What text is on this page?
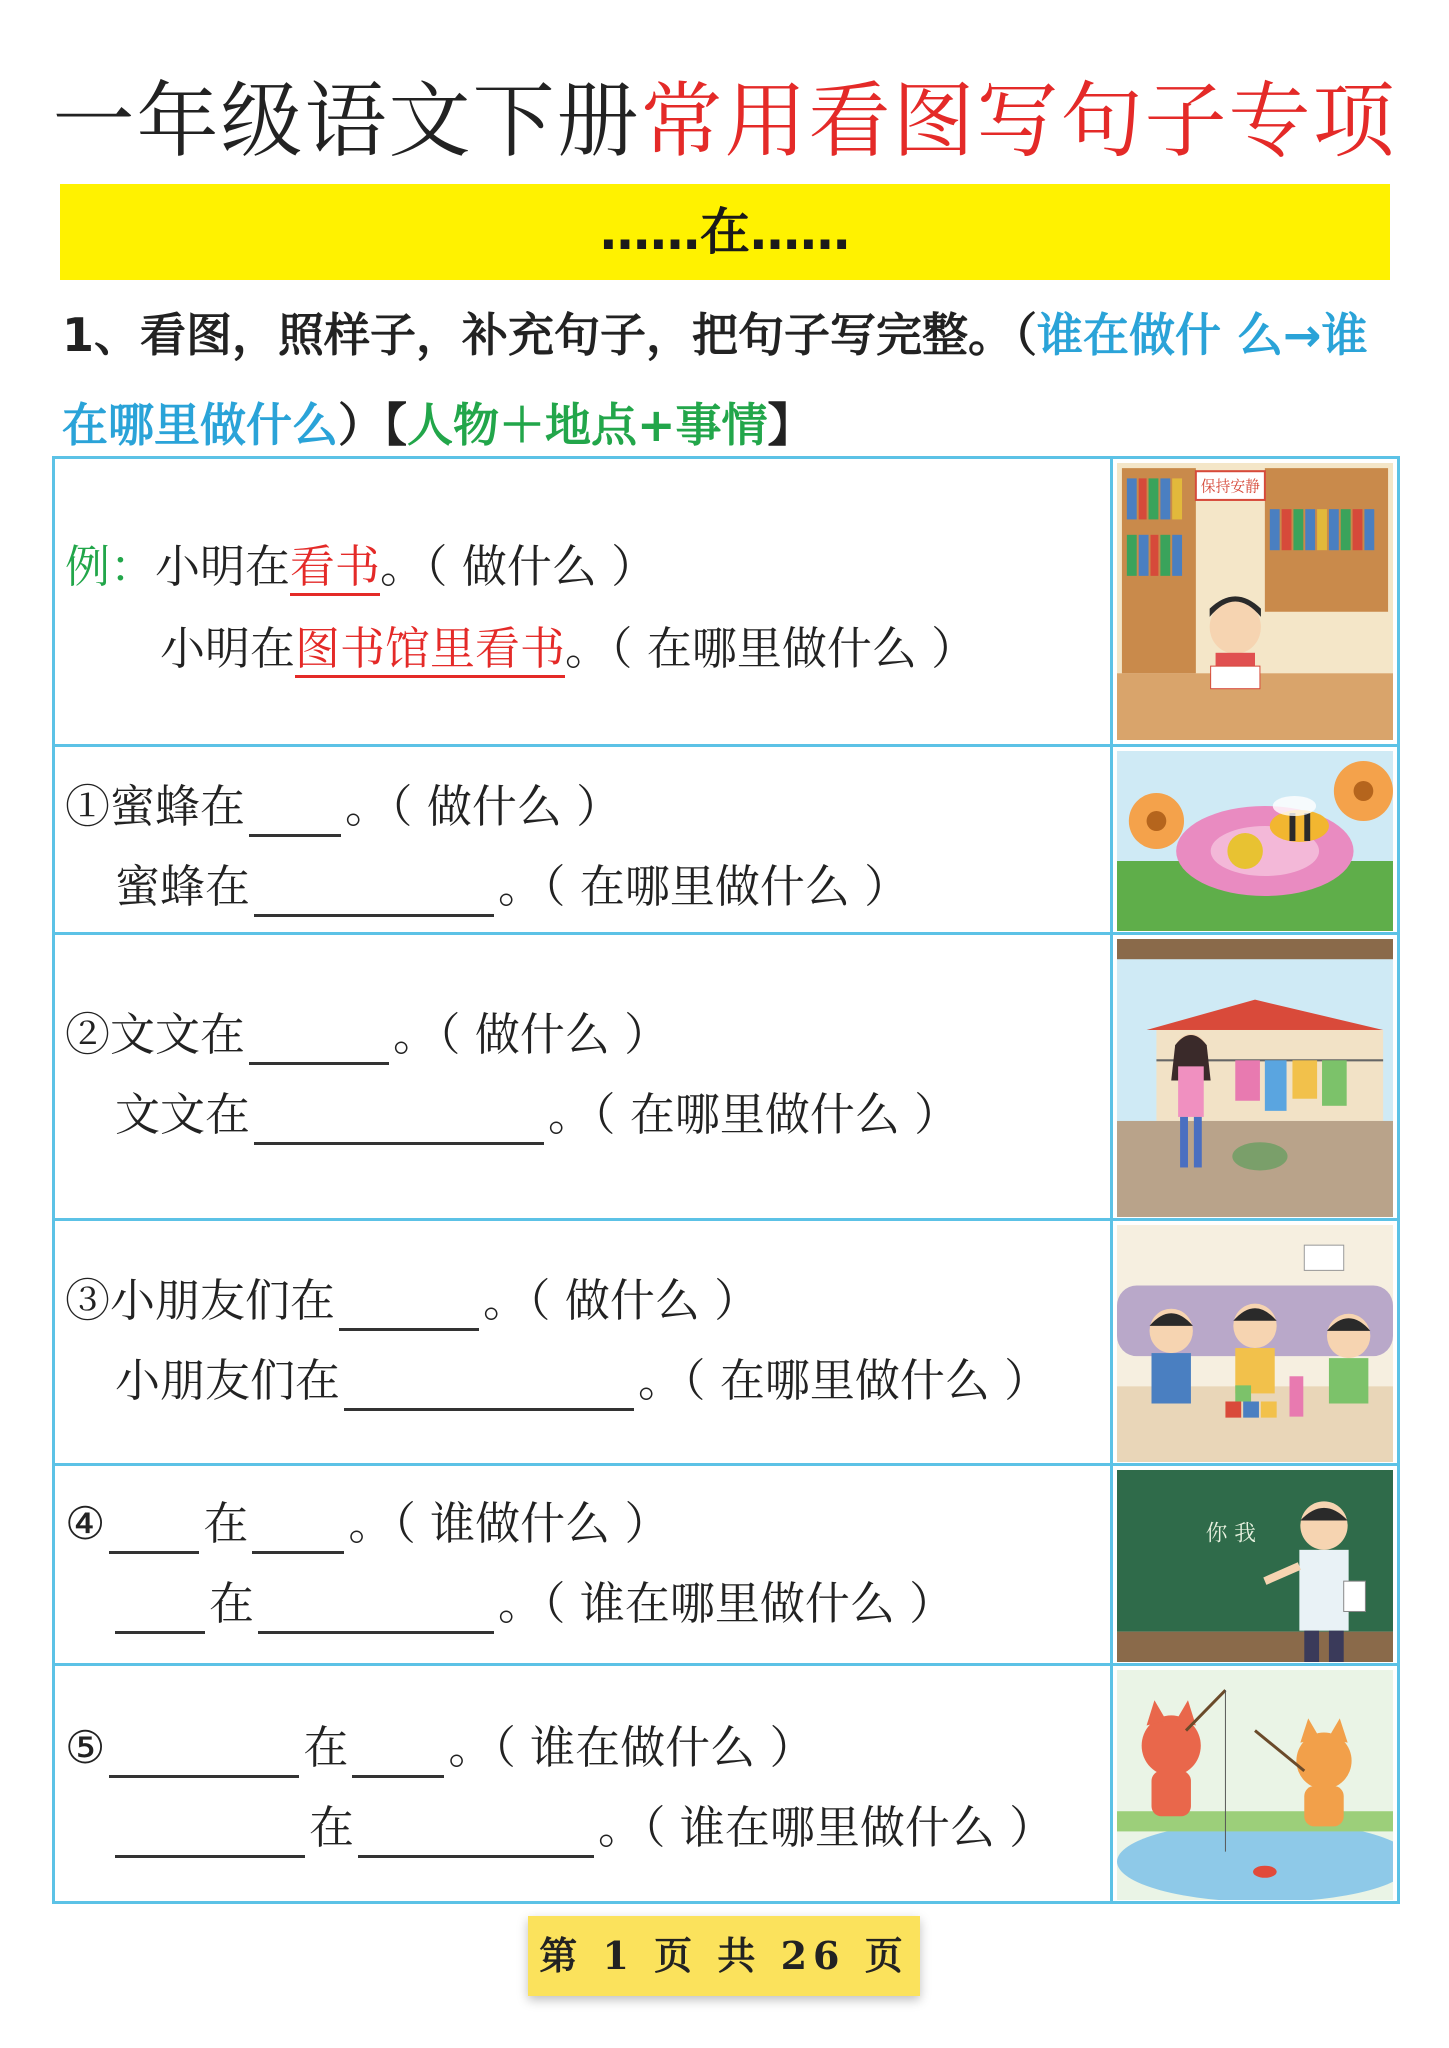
一年级语文下册常用看图写句子专项
……在……
1、看图，照样子，补充句子，把句子写完整。（谁在做什 么→谁在哪里做什么）【人物＋地点+事情】
例：小明在看书。（ 做什么 ）
小明在图书馆里看书。（ 在哪里做什么 ）
保持安静
①蜜蜂在 。（ 做什么 ）
蜜蜂在	。（ 在哪里做什么 ）
②文文在	。（ 做什么 ）
文文在	。（ 在哪里做什么 ）
③小朋友们在	。（ 做什么 ）
小朋友们在	。（ 在哪里做什么 ）
④ 在 。（ 谁做什么 ）
在	。（ 谁在哪里做什么 ）
你 我
⑤	在 。（ 谁在做什么 ）
在	。（ 谁在哪里做什么 ）
第 1 页 共 26 页
